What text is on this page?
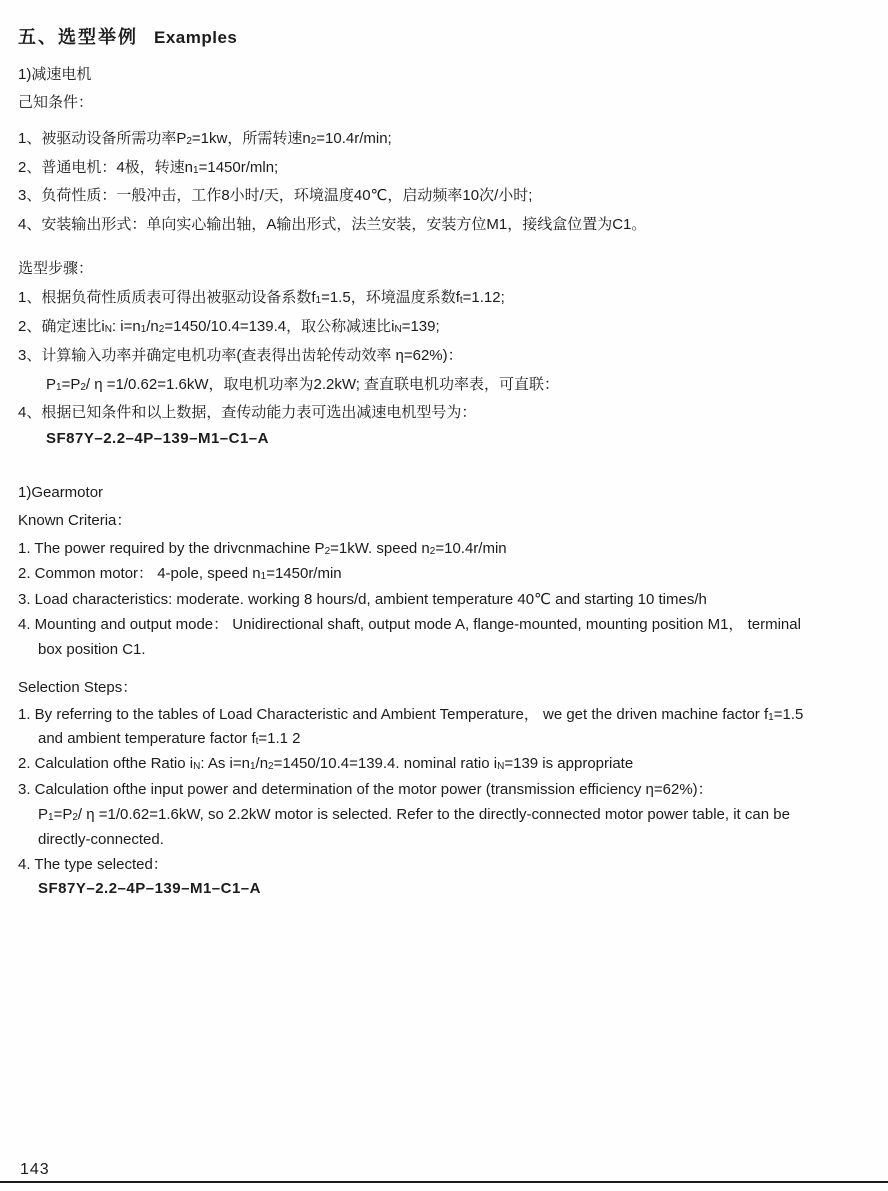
五、选型举例 Examples
1)减速电机
己知条件：
1、被驱动设备所需功率$P_2=1kw$，所需转速$n_2=10.4r/\min$;
2、普通电机：4极，转速$n_1=1450r$/mln;
3、负荷性质：一般冲击，工作8小时/天，环境温度40℃，启动频率10次/小时;
4、安装输出形式：单向实心输出轴，A输出形式，法兰安装，安装方位M1，接线盒位置为C1。
选型步骤：
1、根据负荷性质质表可得出被驱动设备系数$f_1=1.5$，环境温度系数$f_t=1.12$;
2、确定速比$i_N$: $i=n_1/n_2=1450/10.4=139.4$，取公称减速比$i_N=139$;
3、计算输入功率并确定电机功率(查表得出齿轮传动效率 η=62%)：
$P_1=P_2/$ η =1/0.62=1.6kW，取电机功率为2.2kW; 查直联电机功率表，可直联：
4、根据已知条件和以上数据，查传动能力表可选出减速电机型号为：
SF87Y–2.2–4P–139–M1–C1–A
1)Gearmotor
Known Criteria：
1. The power required by the drivcnmachine $P_2=1kW$. speed $n_2=10.4r/\min$
2. Common motor： 4-pole, speed $n_1=1450r/\min$
3. Load characteristics: moderate. working 8 hours/d, ambient temperature 40℃ and starting 10 times/h
4. Mounting and output mode： Unidirectional shaft, output mode A, flange-mounted, mounting position M1， terminal
box position C1.
Selection Steps：
1. By referring to the tables of Load Characteristic and Ambient Temperature， we get the driven machine factor $f_1=1.5$
and ambient temperature factor $f_t=1.1$ 2
2. Calculation ofthe Ratio $i_N$: As $i=n_1/n_2=1450/10.4=139.4$. nominal ratio $i_N=139$ is appropriate
3. Calculation ofthe input power and determination of the motor power (transmission efficiency η=62%)：
$P_1=P_2/$ η =1/0.62=1.6kW, so 2.2kW motor is selected. Refer to the directly-connected motor power table, it can be
directly-connected.
4. The type selected：
SF87Y–2.2–4P–139–M1–C1–A
143
